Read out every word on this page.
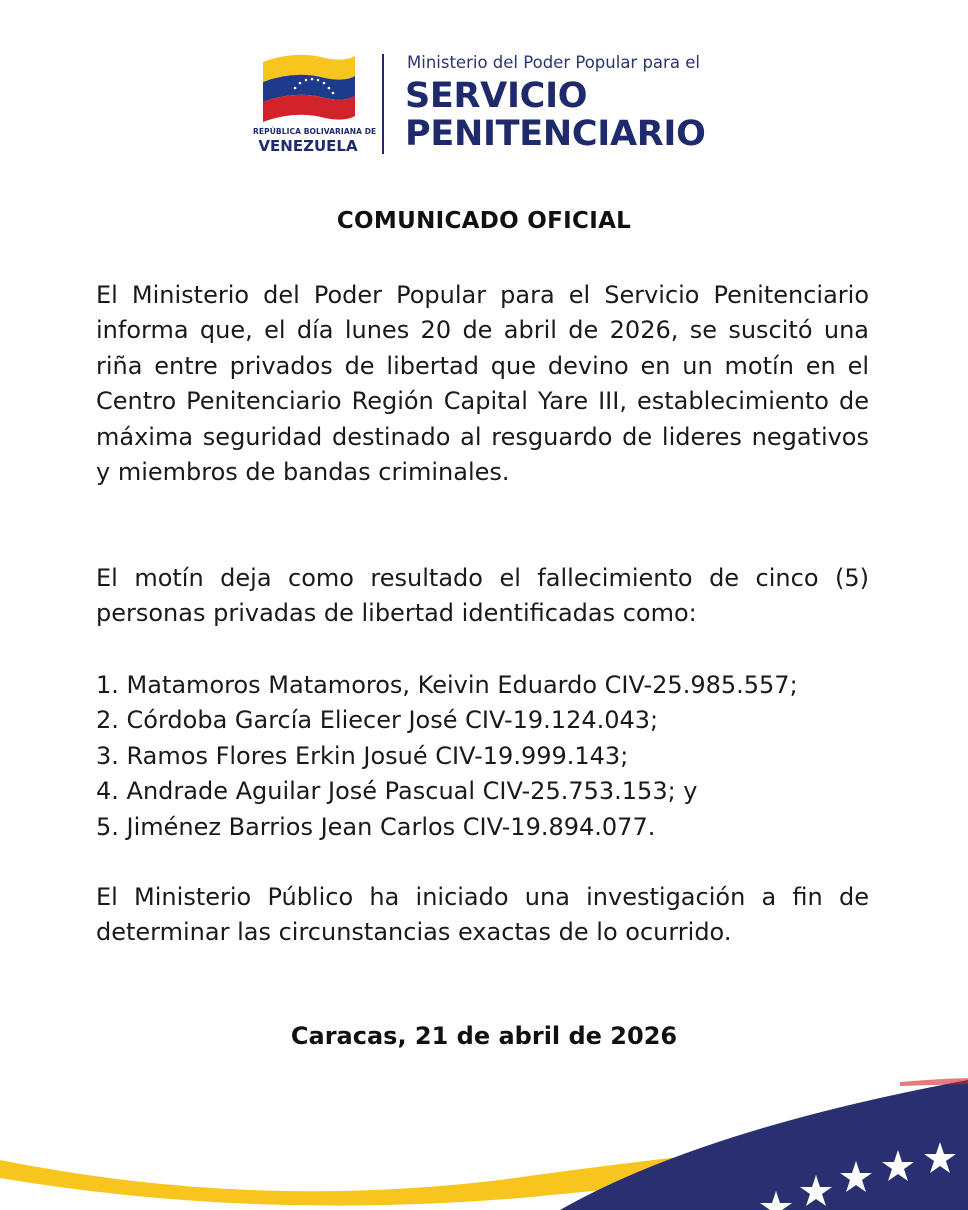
REPÚBLICA BOLIVARIANA DE
VENEZUELA
Ministerio del Poder Popular para el
SERVICIO
PENITENCIARIO
COMUNICADO OFICIAL

El Ministerio del Poder Popular para el Servicio Penitenciario informa que, el día lunes 20 de abril de 2026, se suscitó una riña entre privados de libertad que devino en un motín en el Centro Penitenciario Región Capital Yare III, establecimiento de máxima seguridad destinado al resguardo de lideres negativos y miembros de bandas criminales.

El motín deja como resultado el fallecimiento de cinco (5) personas privadas de libertad identificadas como:

1. Matamoros Matamoros, Keivin Eduardo CIV-25.985.557;
2. Córdoba García Eliecer José CIV-19.124.043;
3. Ramos Flores Erkin Josué CIV-19.999.143;
4. Andrade Aguilar José Pascual CIV-25.753.153; y
5. Jiménez Barrios Jean Carlos CIV-19.894.077.

El Ministerio Público ha iniciado una investigación a fin de determinar las circunstancias exactas de lo ocurrido.

Caracas, 21 de abril de 2026
